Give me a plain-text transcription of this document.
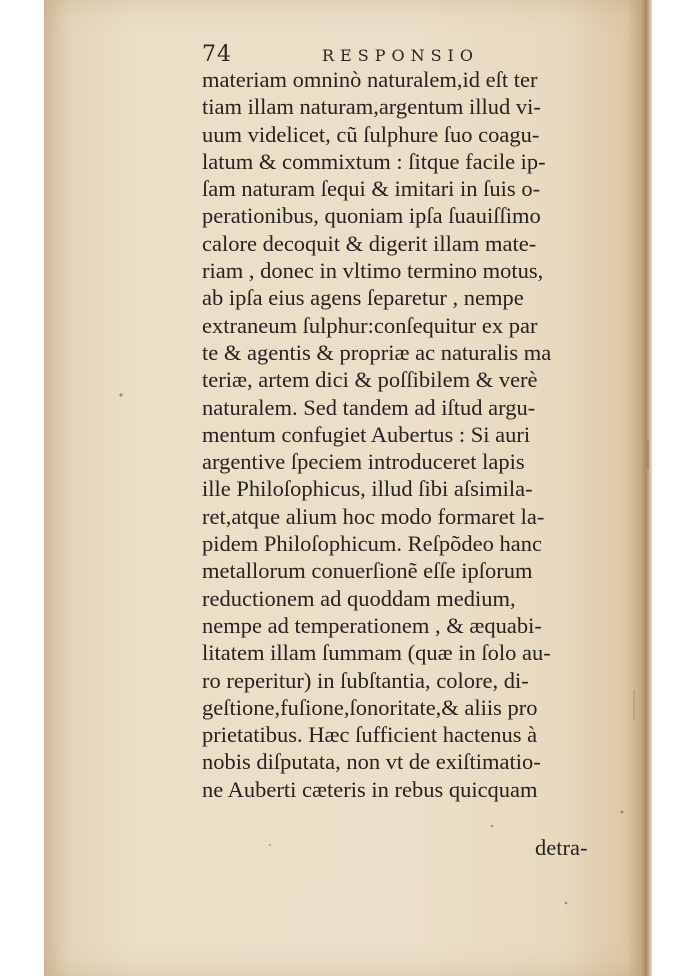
74	RESPONSIO
materiam omninò naturalem,id eſt ter
tiam illam naturam,argentum illud vi-
uum videlicet, cũ ſulphure ſuo coagu-
latum & commixtum : ſitque facile ip-
ſam naturam ſequi & imitari in ſuis o-
perationibus, quoniam ipſa ſuauiſſimo
calore decoquit & digerit illam mate-
riam , donec in vltimo termino motus,
ab ipſa eius agens ſeparetur , nempe
extraneum ſulphur:conſequitur ex par
te & agentis & propriæ ac naturalis ma
teriæ, artem dici & poſſibilem & verè
naturalem. Sed tandem ad iſtud argu-
mentum confugiet Aubertus : Si auri
argentive ſpeciem introduceret lapis
ille Philoſophicus, illud ſibi aſsimila-
ret,atque alium hoc modo formaret la-
pidem Philoſophicum. Reſpõdeo hanc
metallorum conuerſionẽ eſſe ipſorum
reductionem ad quoddam medium,
nempe ad temperationem , & æquabi-
litatem illam ſummam (quæ in ſolo au-
ro reperitur) in ſubſtantia, colore, di-
geſtione,fuſione,ſonoritate,& aliis pro
prietatibus. Hæc ſufficient hactenus à
nobis diſputata, non vt de exiſtimatio-
ne Auberti cæteris in rebus quicquam
detra-
